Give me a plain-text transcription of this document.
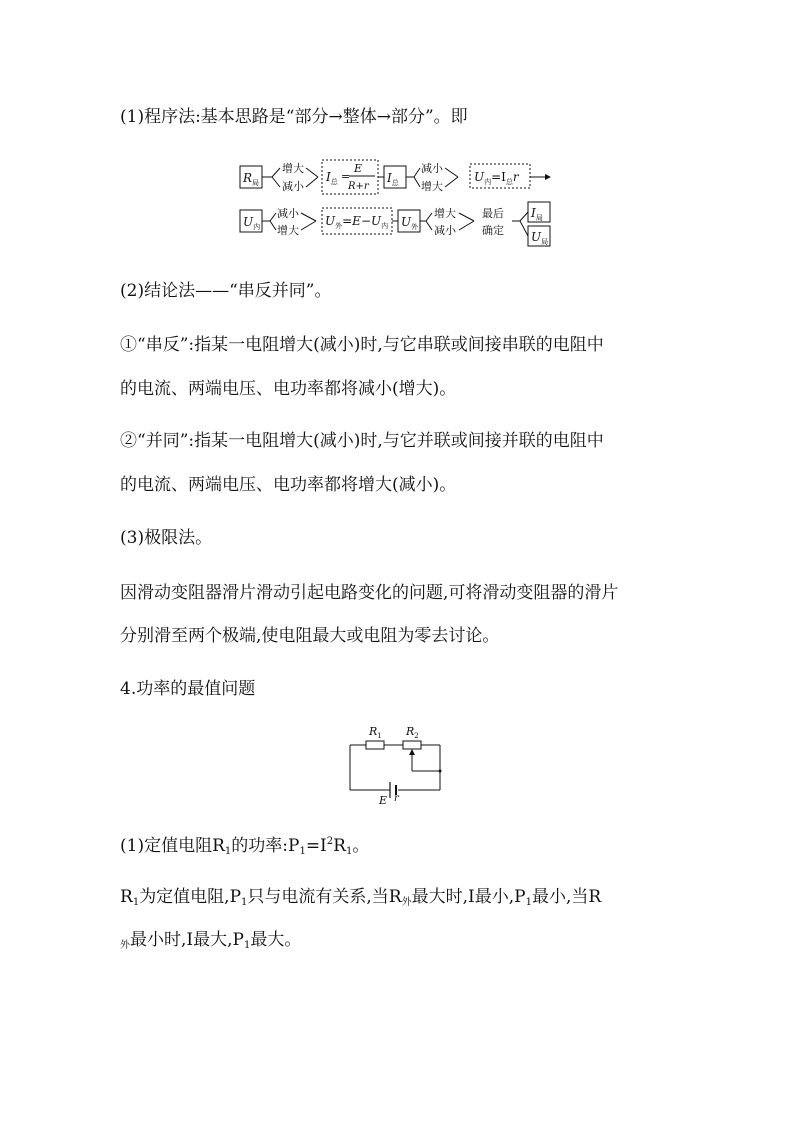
(1)程序法:基本思路是“部分→整体→部分”。即
$R_局$
增大
减小
$I_总$ =
E
R+r
$I_总$
减小
增大
$U_内=I_总r$
$U_内$
减小
增大
$U_外=E-U_内$ $U_外$
增大
减小
最后
确定
$I_局$
$U_局$
(2)结论法——“串反并同”。
①“串反”:指某一电阻增大(减小)时,与它串联或间接串联的电阻中
的电流、两端电压、电功率都将减小(增大)。
②“并同”:指某一电阻增大(减小)时,与它并联或间接并联的电阻中
的电流、两端电压、电功率都将增大(减小)。
(3)极限法。
因滑动变阻器滑片滑动引起电路变化的问题,可将滑动变阻器的滑片
分别滑至两个极端,使电阻最大或电阻为零去讨论。
4.功率的最值问题
$R_1$ $R_2$
E r
(1)定值电阻$R_1$的功率$:P_1=I^2R_1$。
$R_1$为定值电阻$,P_1$只与电流有关系,当$R_外$最大时,I最小$,P_1$最小,当R
$_外$最小时,I最大$,P_1$最大。
